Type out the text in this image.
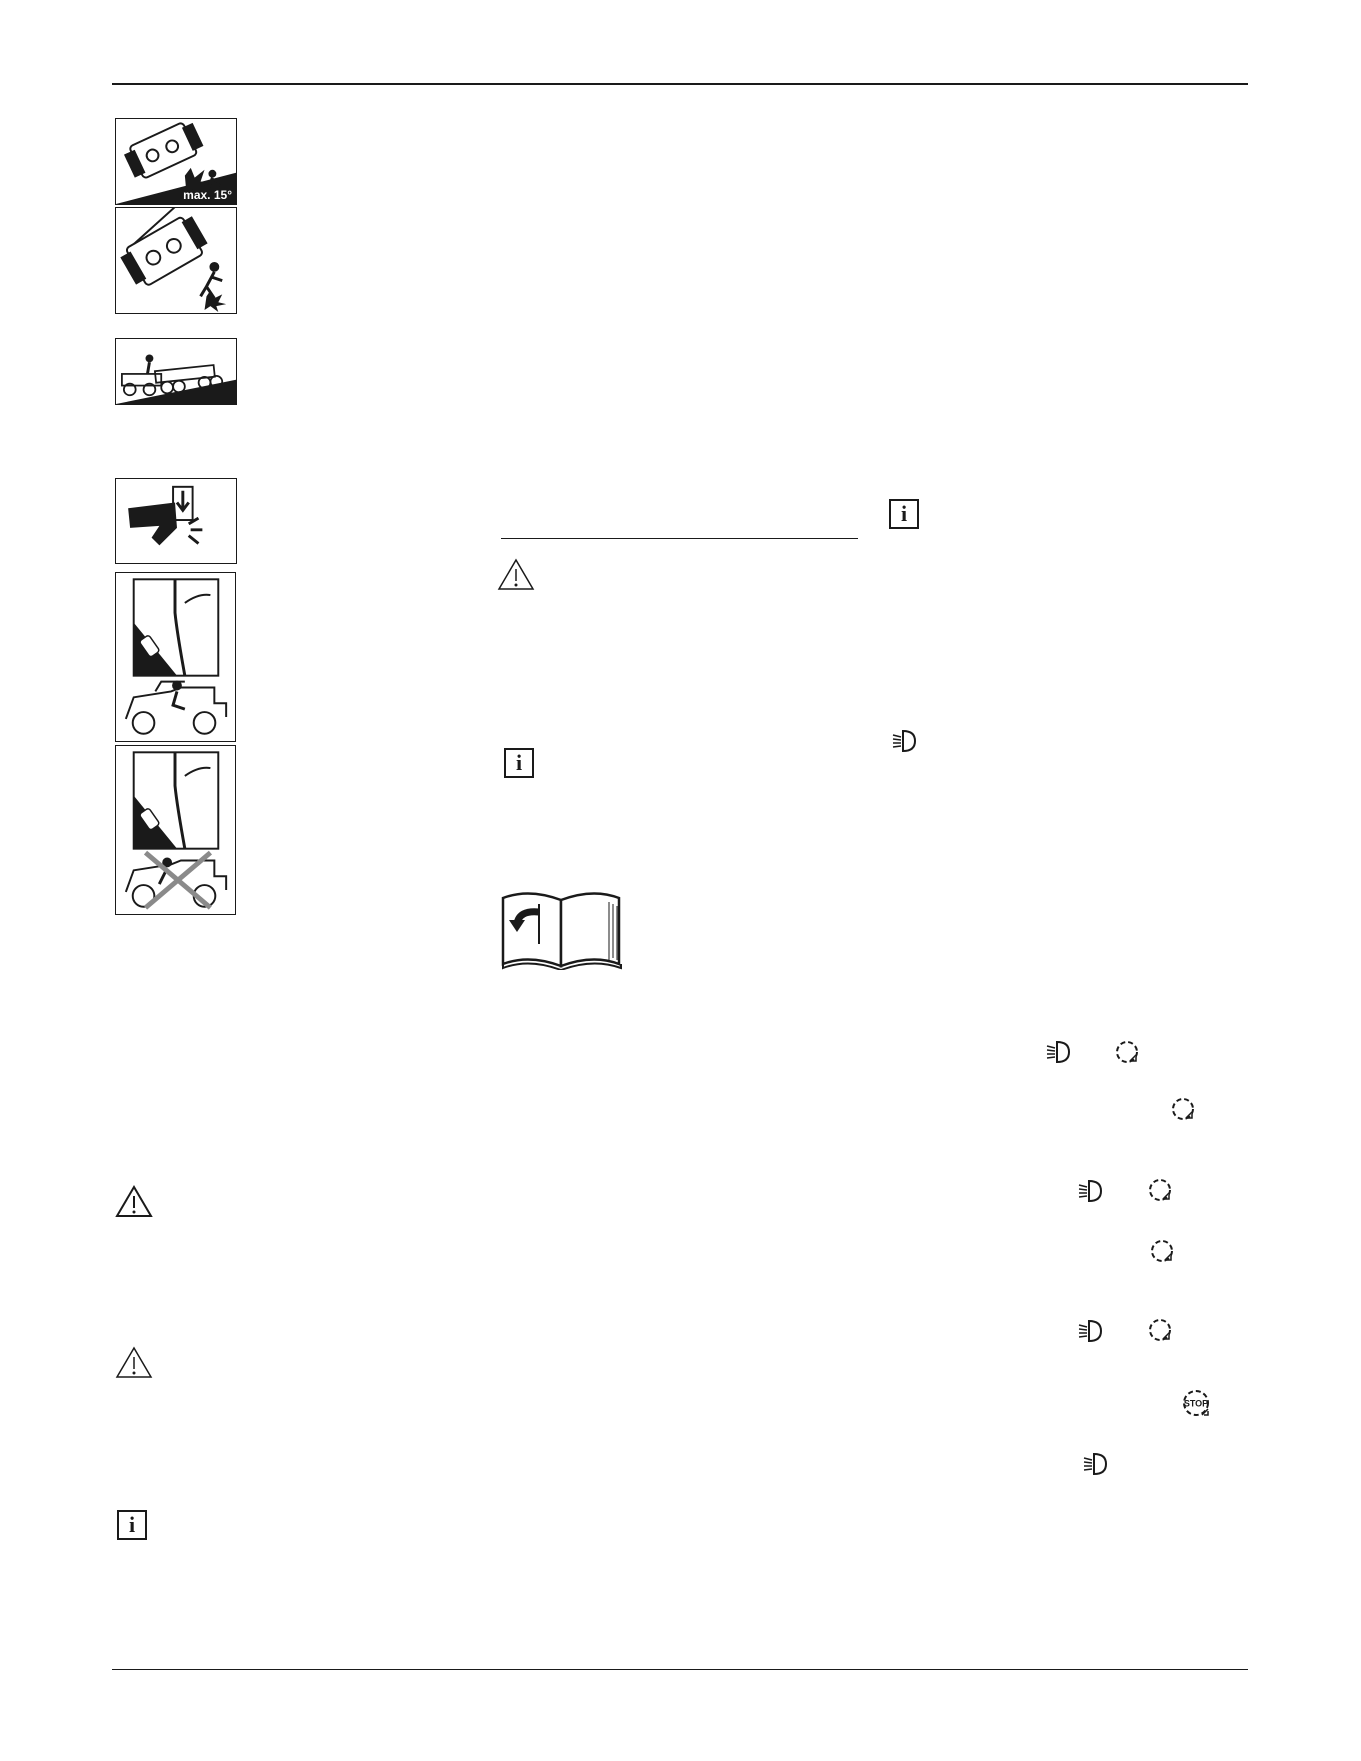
max. 15°
i
i
i
STOP
